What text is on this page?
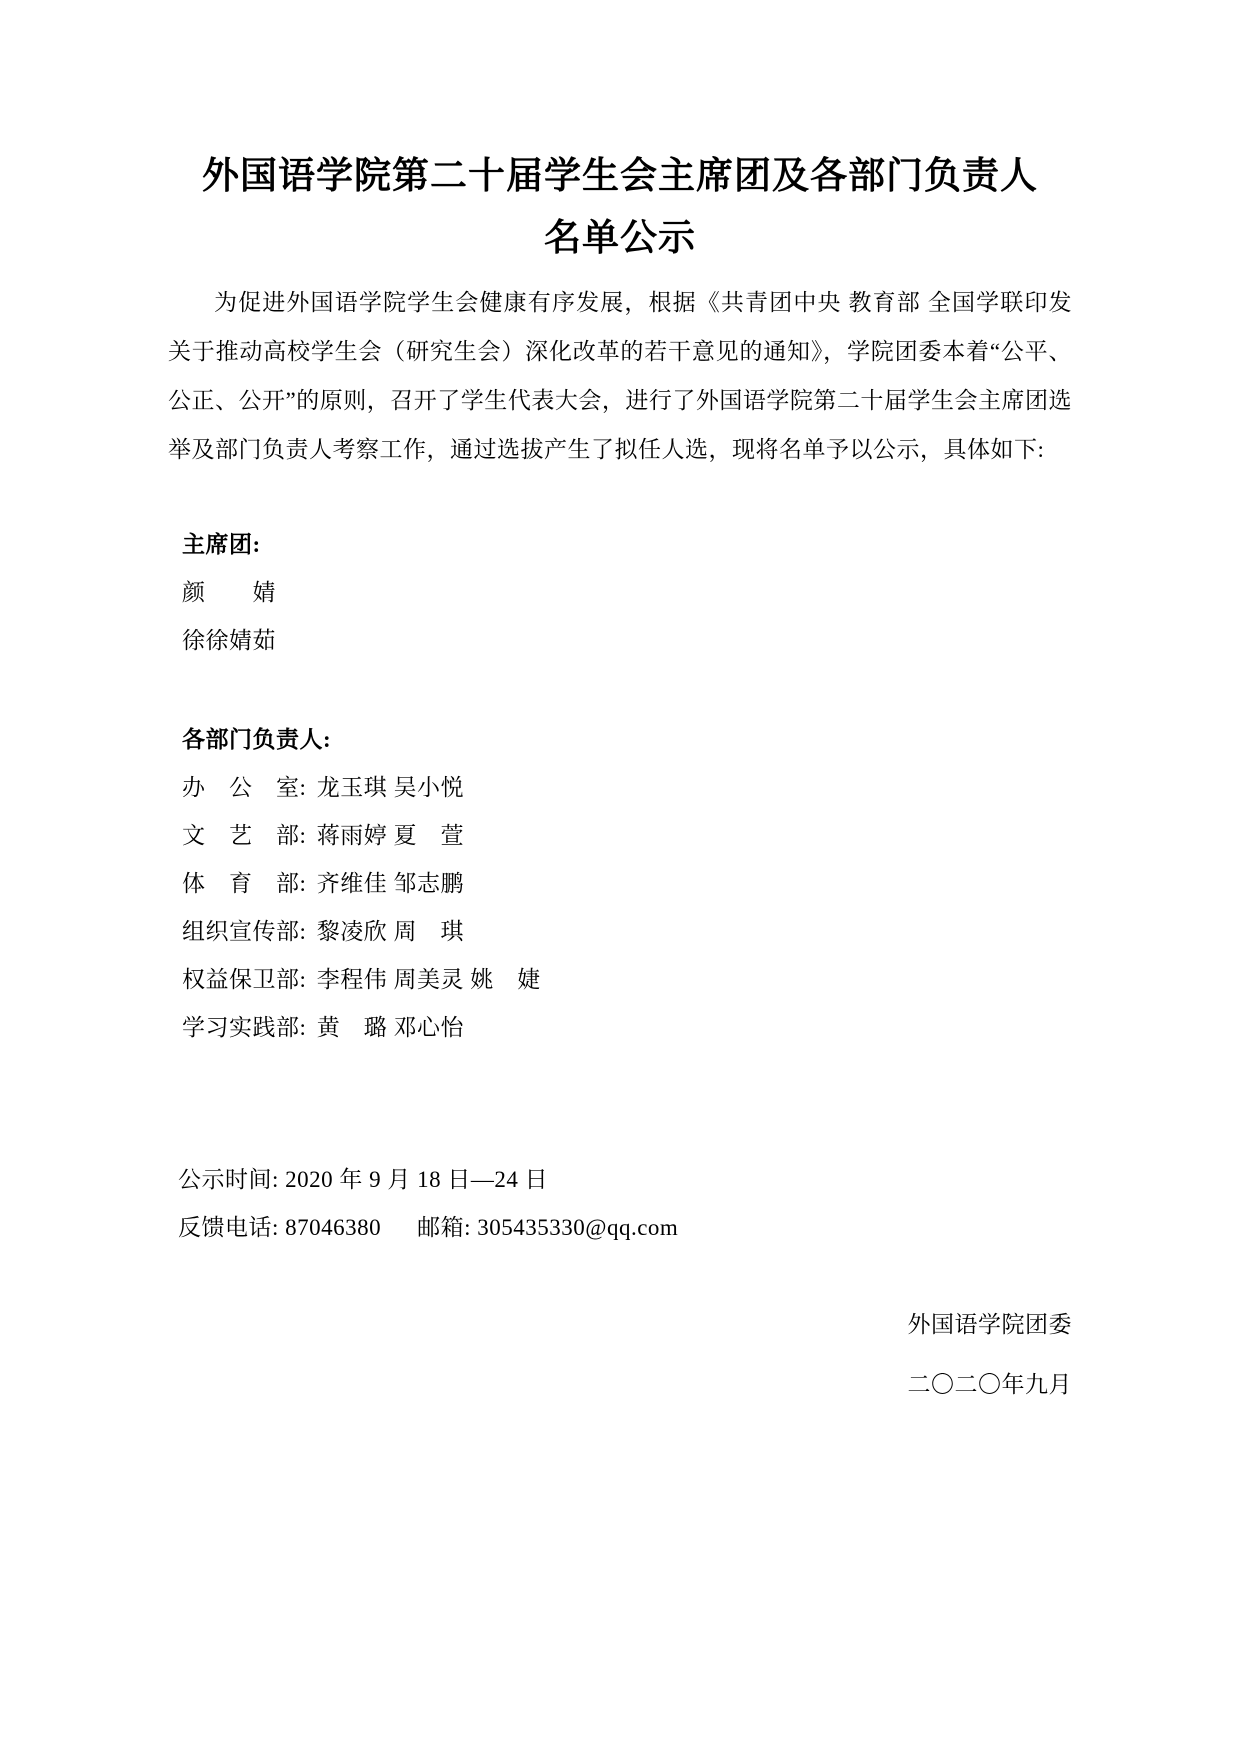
外国语学院第二十届学生会主席团及各部门负责人
名单公示

为促进外国语学院学生会健康有序发展，根据《共青团中央 教育部 全国学联印发关于推动高校学生会（研究生会）深化改革的若干意见的通知》，学院团委本着“公平、公正、公开”的原则，召开了学生代表大会，进行了外国语学院第二十届学生会主席团选举及部门负责人考察工作，通过选拔产生了拟任人选，现将名单予以公示，具体如下:

主席团:

颜　　婧

徐徐婧茹

各部门负责人:

办　公　室: 龙玉琪 吴小悦

文　艺　部: 蒋雨婷 夏　萱

体　育　部: 齐维佳 邹志鹏

组织宣传部: 黎凌欣 周　琪

权益保卫部: 李程伟 周美灵 姚　婕

学习实践部: 黄　璐 邓心怡

公示时间: 2020 年 9 月 18 日—24 日

反馈电话: 87046380　  邮箱: 305435330@qq.com

外国语学院团委

二〇二〇年九月
